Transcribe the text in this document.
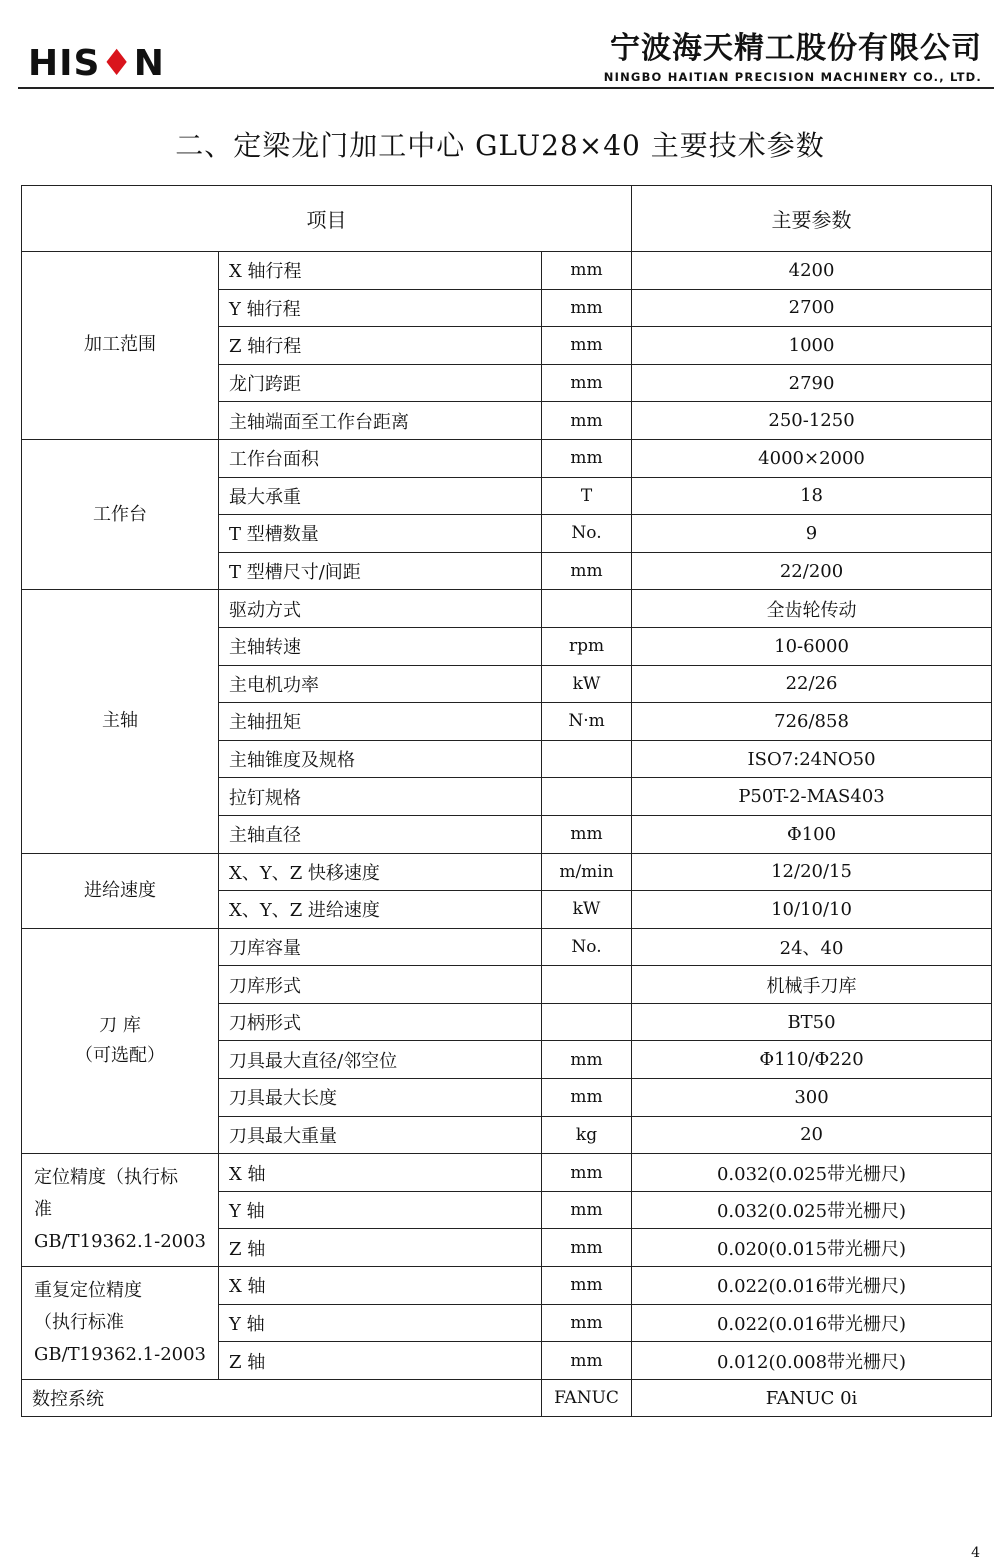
HIS♦N	宁波海天精工股份有限公司
NINGBO HAITIAN PRECISION MACHINERY CO., LTD.
二、定梁龙门加工中心 GLU28×40 主要技术参数
项目			主要参数

加工范围	X 轴行程	mm	4200
	Y 轴行程	mm	2700
	Z 轴行程	mm	1000
	龙门跨距	mm	2790
	主轴端面至工作台距离	mm	250-1250

工作台	工作台面积	mm	4000×2000
	最大承重	T	18
	T 型槽数量	No.	9
	T 型槽尺寸/间距	mm	22/200

主轴	驱动方式		全齿轮传动
	主轴转速	rpm	10-6000
	主电机功率	kW	22/26
	主轴扭矩	N·m	726/858
	主轴锥度及规格		ISO7:24NO50
	拉钉规格		P50T-2-MAS403
	主轴直径	mm	Φ100

进给速度	X、Y、Z 快移速度	m/min	12/20/15
	X、Y、Z 进给速度	kW	10/10/10

刀 库
（可选配）	刀库容量	No.	24、40
	刀库形式		机械手刀库
	刀柄形式		BT50
	刀具最大直径/邻空位	mm	Φ110/Φ220
	刀具最大长度	mm	300
	刀具最大重量	kg	20

定位精度（执行标
准
GB/T19362.1-2003	X 轴	mm	0.032(0.025带光栅尺)
	Y 轴	mm	0.032(0.025带光栅尺)
	Z 轴	mm	0.020(0.015带光栅尺)

重复定位精度
（执行标准
GB/T19362.1-2003	X 轴	mm	0.022(0.016带光栅尺)
	Y 轴	mm	0.022(0.016带光栅尺)
	Z 轴	mm	0.012(0.008带光栅尺)
数控系统		FANUC	FANUC 0i
4
